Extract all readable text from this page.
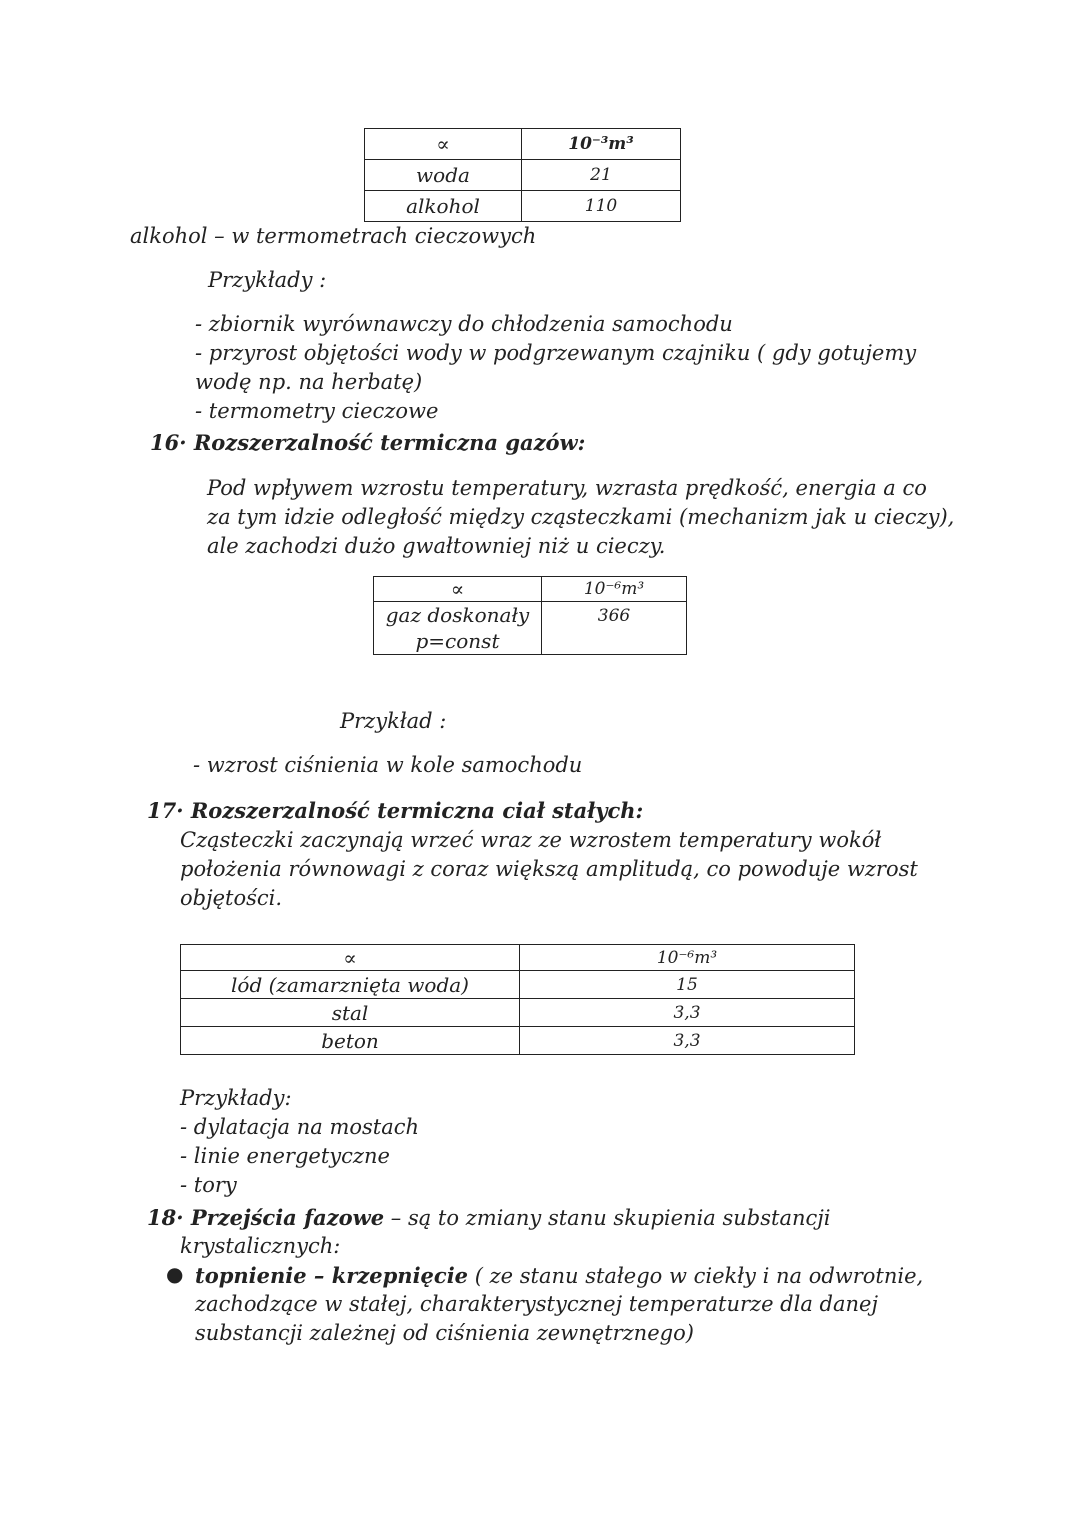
∝	10⁻³m³
woda	21
alkohol	110
alkohol – w termometrach cieczowych
Przykłady :
- zbiornik wyrównawczy do chłodzenia samochodu
- przyrost objętości wody w podgrzewanym czajniku ( gdy gotujemy
wodę np. na herbatę)
- termometry cieczowe
16· Rozszerzalność termiczna gazów:
Pod wpływem wzrostu temperatury, wzrasta prędkość, energia a co
za tym idzie odległość między cząsteczkami (mechanizm jak u cieczy),
ale zachodzi dużo gwałtowniej niż u cieczy.
∝	10⁻⁶m³

gaz doskonały
p=const	366
Przykład :
- wzrost ciśnienia w kole samochodu
17· Rozszerzalność termiczna ciał stałych:
Cząsteczki zaczynają wrzeć wraz ze wzrostem temperatury wokół
położenia równowagi z coraz większą amplitudą, co powoduje wzrost
objętości.
∝	10⁻⁶m³
lód (zamarznięta woda)	15
stal	3,3
beton	3,3
Przykłady:
- dylatacja na mostach
- linie energetyczne
- tory
18· Przejścia fazowe – są to zmiany stanu skupienia substancji
krystalicznych:
● topnienie – krzepnięcie ( ze stanu stałego w ciekły i na odwrotnie,
zachodzące w stałej, charakterystycznej temperaturze dla danej
substancji zależnej od ciśnienia zewnętrznego)
